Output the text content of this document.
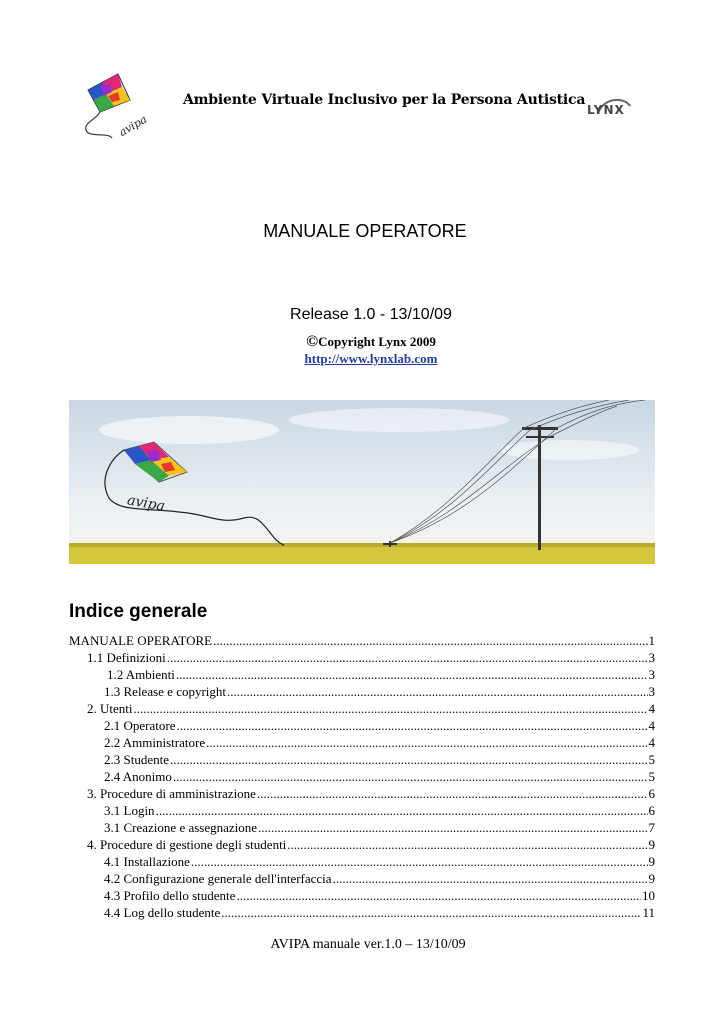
avipa
Ambiente Virtuale Inclusivo per la Persona Autistica
LYNX
MANUALE OPERATORE
Release 1.0 - 13/10/09
©Copyright Lynx 2009
http://www.lynxlab.com
avipa
Indice generale
MANUALE OPERATORE .....	1
1.1 Definizioni .....	3
1.2 Ambienti .....	3
1.3 Release e copyright .....	3
2. Utenti .....	4
2.1 Operatore .....	4
2.2 Amministratore .....	4
2.3 Studente .....	5
2.4 Anonimo .....	5
3. Procedure di amministrazione .....	6
3.1 Login .....	6
3.1 Creazione e assegnazione .....	7
4. Procedure di gestione degli studenti .....	9
4.1 Installazione .....	9
4.2 Configurazione generale dell'interfaccia .....	9
4.3 Profilo dello studente .....	10
4.4 Log dello studente .....	11
AVIPA manuale ver.1.0 – 13/10/09
